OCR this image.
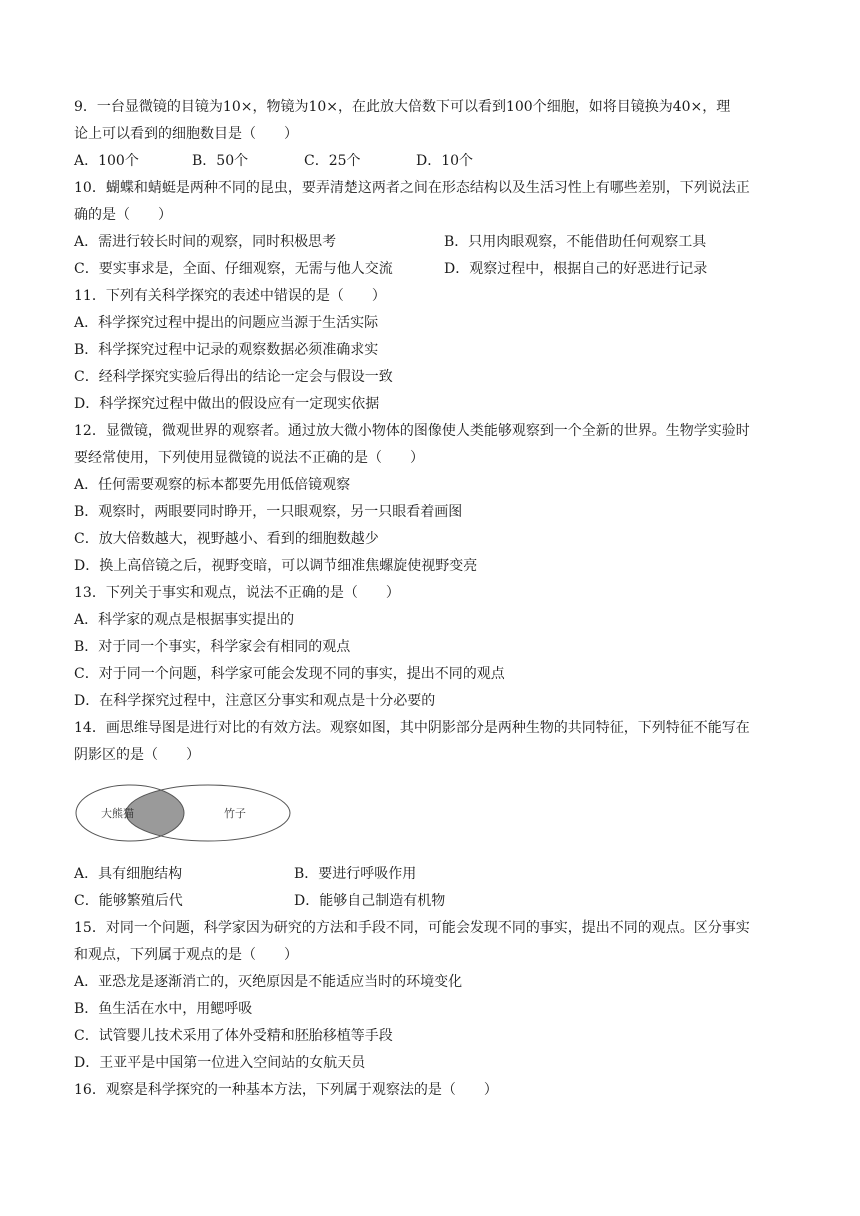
9．一台显微镜的目镜为10×，物镜为10×，在此放大倍数下可以看到100个细胞，如将目镜换为40×，理
论上可以看到的细胞数目是（　　）
A．100个	B．50个	C．25个	D．10个
10．蝴蝶和蜻蜓是两种不同的昆虫，要弄清楚这两者之间在形态结构以及生活习性上有哪些差别，下列说法正
确的是（　　）
A．需进行较长时间的观察，同时积极思考	B．只用肉眼观察，不能借助任何观察工具
C．要实事求是，全面、仔细观察，无需与他人交流	D．观察过程中，根据自己的好恶进行记录
11．下列有关科学探究的表述中错误的是（　　）
A．科学探究过程中提出的问题应当源于生活实际
B．科学探究过程中记录的观察数据必须准确求实
C．经科学探究实验后得出的结论一定会与假设一致
D．科学探究过程中做出的假设应有一定现实依据
12．显微镜，微观世界的观察者。通过放大微小物体的图像使人类能够观察到一个全新的世界。生物学实验时
要经常使用，下列使用显微镜的说法不正确的是（　　）
A．任何需要观察的标本都要先用低倍镜观察
B．观察时，两眼要同时睁开，一只眼观察，另一只眼看着画图
C．放大倍数越大，视野越小、看到的细胞数越少
D．换上高倍镜之后，视野变暗，可以调节细准焦螺旋使视野变亮
13．下列关于事实和观点，说法不正确的是（　　）
A．科学家的观点是根据事实提出的
B．对于同一个事实，科学家会有相同的观点
C．对于同一个问题，科学家可能会发现不同的事实，提出不同的观点
D．在科学探究过程中，注意区分事实和观点是十分必要的
14．画思维导图是进行对比的有效方法。观察如图，其中阴影部分是两种生物的共同特征，下列特征不能写在
阴影区的是（　　）
大熊猫	竹子
A．具有细胞结构	B．要进行呼吸作用
C．能够繁殖后代	D．能够自己制造有机物
15．对同一个问题，科学家因为研究的方法和手段不同，可能会发现不同的事实，提出不同的观点。区分事实
和观点，下列属于观点的是（　　）
A．亚恐龙是逐渐消亡的，灭绝原因是不能适应当时的环境变化
B．鱼生活在水中，用鳃呼吸
C．试管婴儿技术采用了体外受精和胚胎移植等手段
D．王亚平是中国第一位进入空间站的女航天员
16．观察是科学探究的一种基本方法，下列属于观察法的是（　　）
